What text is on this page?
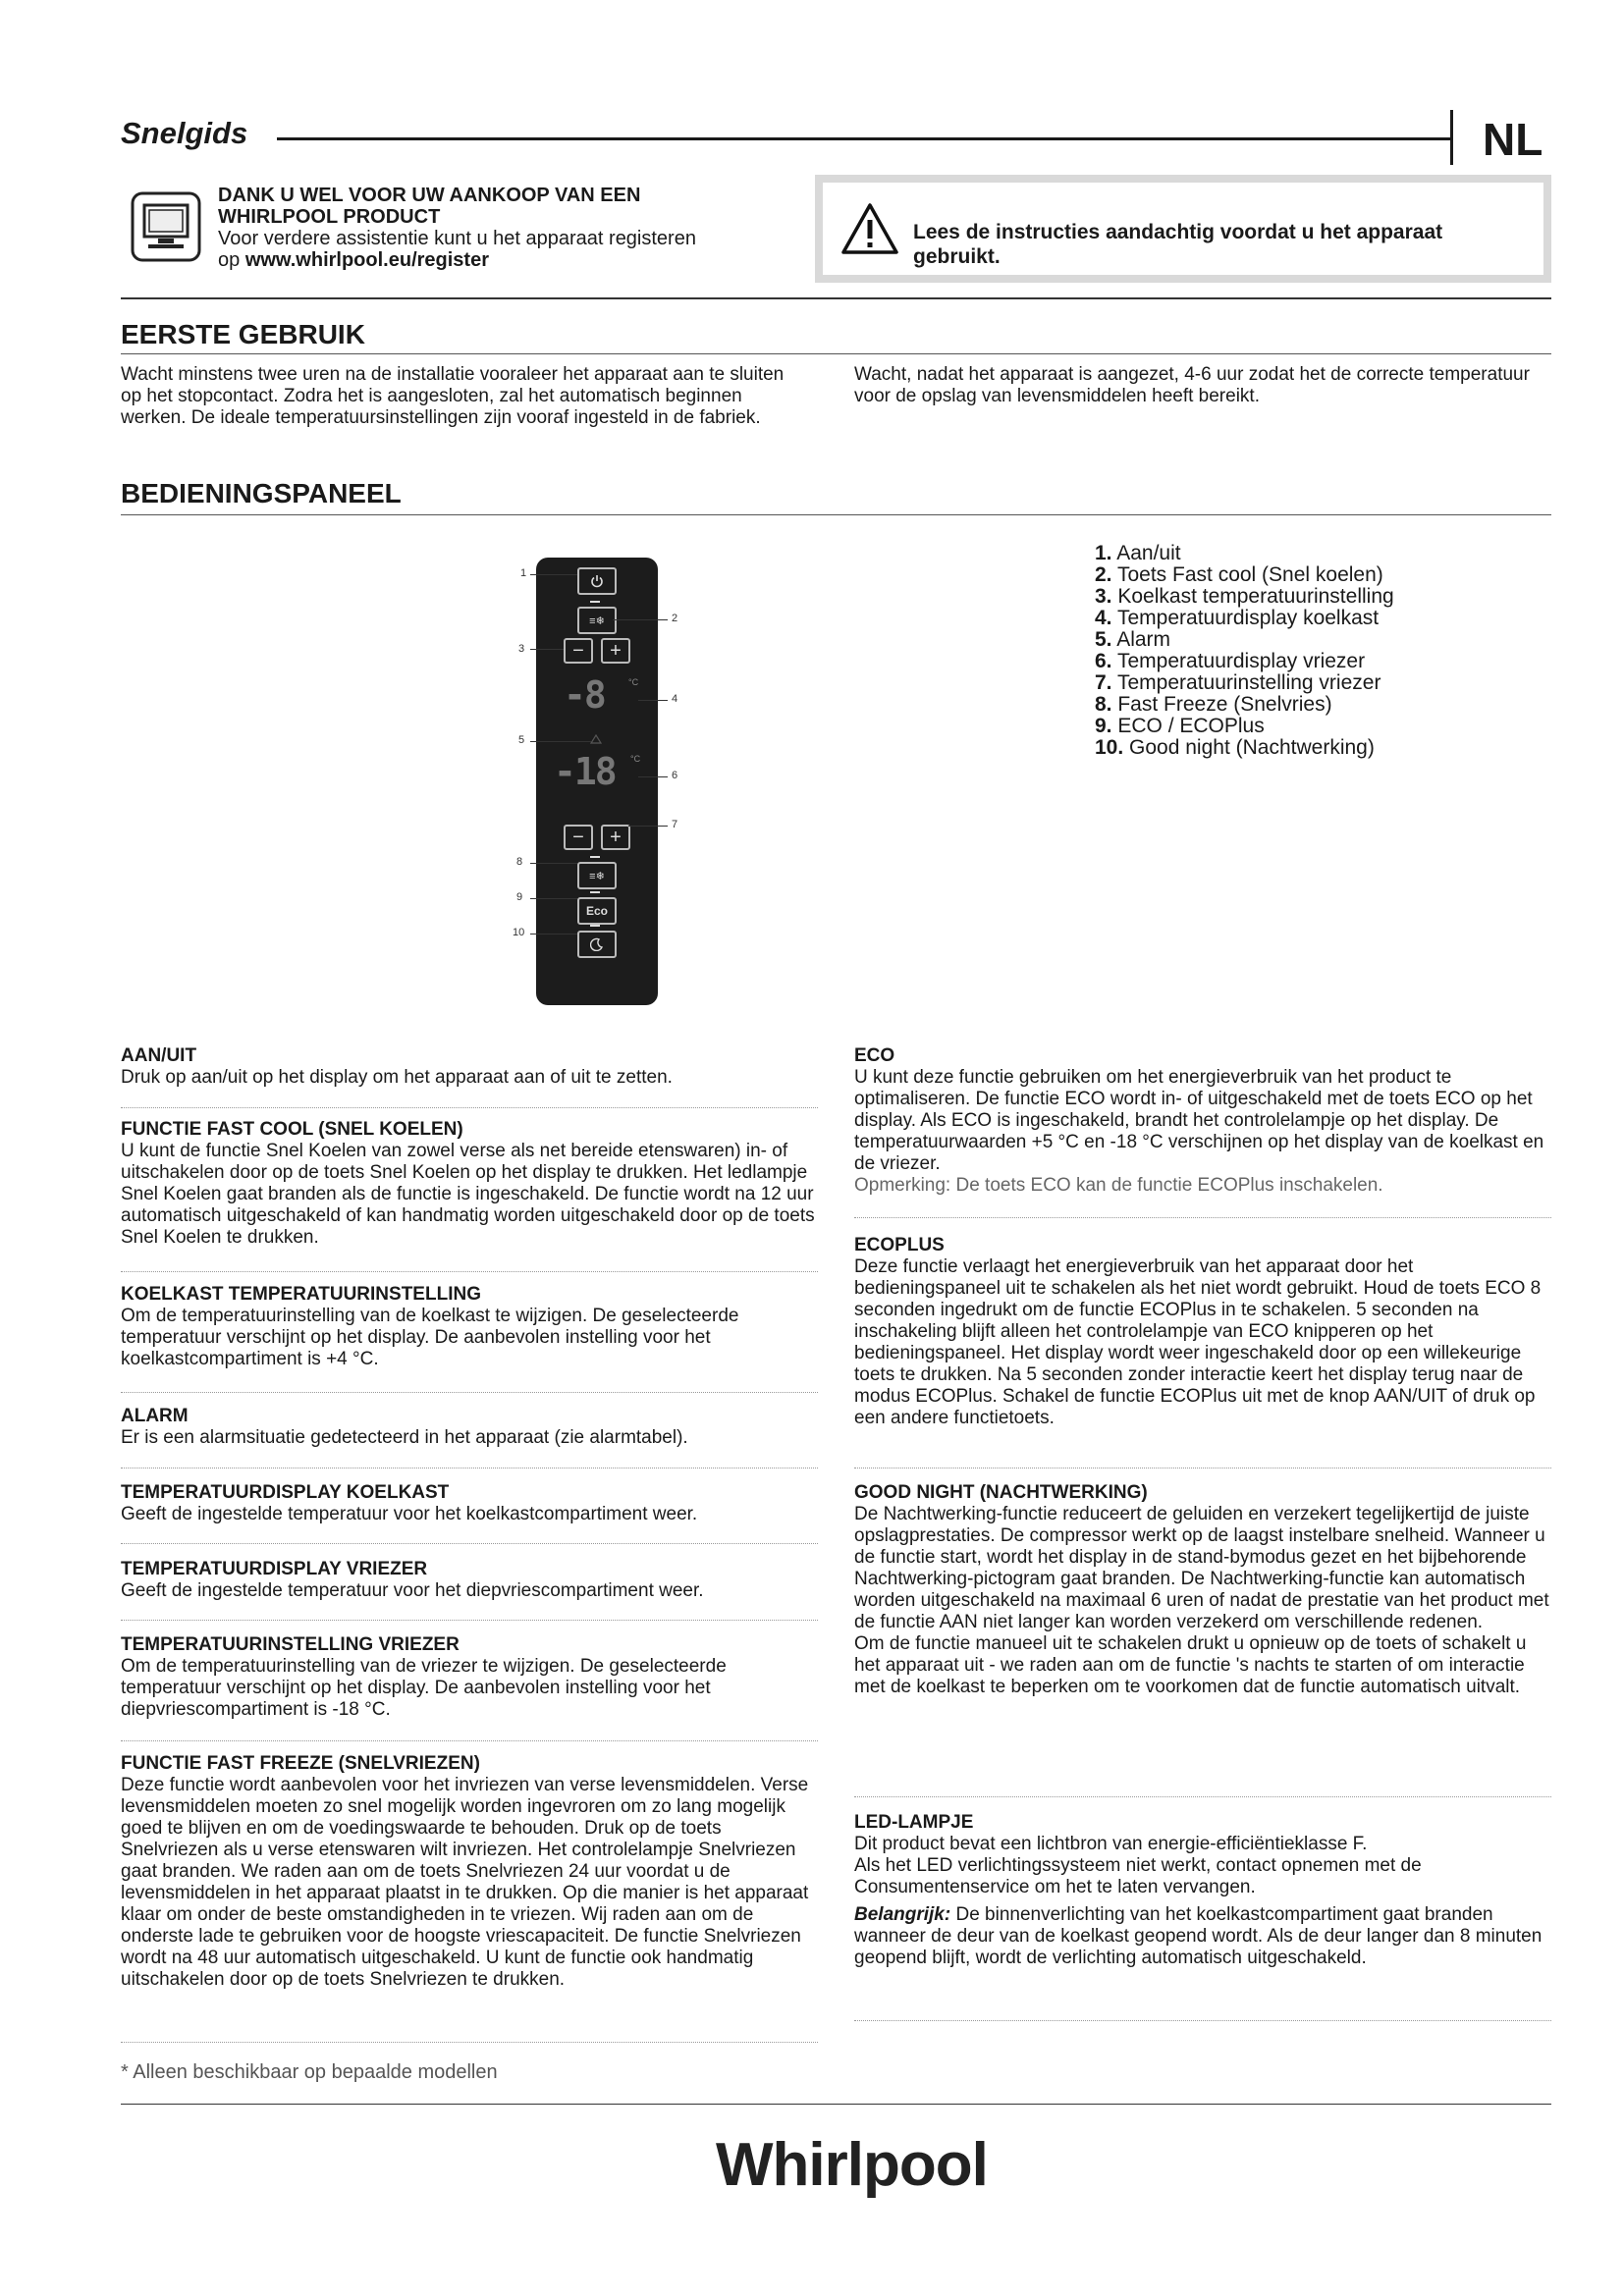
Snelgids	NL
DANK U WEL VOOR UW AANKOOP VAN EEN
WHIRLPOOL PRODUCT
Voor verdere assistentie kunt u het apparaat registeren
op www.whirlpool.eu/register
Lees de instructies aandachtig voordat u het apparaat gebruikt.
EERSTE GEBRUIK
Wacht minstens twee uren na de installatie vooraleer het apparaat aan te sluiten op het stopcontact. Zodra het is aangesloten, zal het automatisch beginnen werken. De ideale temperatuursinstellingen zijn vooraf ingesteld in de fabriek.
Wacht, nadat het apparaat is aangezet, 4-6 uur zodat het de correcte temperatuur voor de opslag van levensmiddelen heeft bereikt.
BEDIENINGSPANEEL
≡❄
−	+
-8	°C
-18 °C
−	+
≡❄
Eco
1
2
3
4
5
6
7
8
9
10
1. Aan/uit
2. Toets Fast cool (Snel koelen)
3. Koelkast temperatuurinstelling
4. Temperatuurdisplay koelkast
5. Alarm
6. Temperatuurdisplay vriezer
7. Temperatuurinstelling vriezer
8. Fast Freeze (Snelvries)
9. ECO / ECOPlus
10. Good night (Nachtwerking)
AAN/UIT

Druk op aan/uit op het display om het apparaat aan of uit te zetten.

FUNCTIE FAST COOL (SNEL KOELEN)

U kunt de functie Snel Koelen van zowel verse als net bereide etenswaren) in- of uitschakelen door op de toets Snel Koelen op het display te drukken. Het ledlampje Snel Koelen gaat branden als de functie is ingeschakeld. De functie wordt na 12 uur automatisch uitgeschakeld of kan handmatig worden uitgeschakeld door op de toets Snel Koelen te drukken.

KOELKAST TEMPERATUURINSTELLING

Om de temperatuurinstelling van de koelkast te wijzigen. De geselecteerde temperatuur verschijnt op het display. De aanbevolen instelling voor het koelkastcompartiment is +4 °C.

ALARM

Er is een alarmsituatie gedetecteerd in het apparaat (zie alarmtabel).

TEMPERATUURDISPLAY KOELKAST

Geeft de ingestelde temperatuur voor het koelkastcompartiment weer.

TEMPERATUURDISPLAY VRIEZER

Geeft de ingestelde temperatuur voor het diepvriescompartiment weer.

TEMPERATUURINSTELLING VRIEZER

Om de temperatuurinstelling van de vriezer te wijzigen. De geselecteerde temperatuur verschijnt op het display. De aanbevolen instelling voor het diepvriescompartiment is -18 °C.

FUNCTIE FAST FREEZE (SNELVRIEZEN)

Deze functie wordt aanbevolen voor het invriezen van verse levensmiddelen. Verse levensmiddelen moeten zo snel mogelijk worden ingevroren om zo lang mogelijk goed te blijven en om de voedingswaarde te behouden. Druk op de toets Snelvriezen als u verse etenswaren wilt invriezen. Het controlelampje Snelvriezen gaat branden. We raden aan om de toets Snelvriezen 24 uur voordat u de levensmiddelen in het apparaat plaatst in te drukken. Op die manier is het apparaat klaar om onder de beste omstandigheden in te vriezen. Wij raden aan om de onderste lade te gebruiken voor de hoogste vriescapaciteit. De functie Snelvriezen wordt na 48 uur automatisch uitgeschakeld. U kunt de functie ook handmatig uitschakelen door op de toets Snelvriezen te drukken.

ECO

U kunt deze functie gebruiken om het energieverbruik van het product te optimaliseren. De functie ECO wordt in- of uitgeschakeld met de toets ECO op het display. Als ECO is ingeschakeld, brandt het controlelampje op het display. De temperatuurwaarden +5 °C en -18 °C verschijnen op het display van de koelkast en de vriezer.

Opmerking: De toets ECO kan de functie ECOPlus inschakelen.

ECOPLUS

Deze functie verlaagt het energieverbruik van het apparaat door het bedieningspaneel uit te schakelen als het niet wordt gebruikt. Houd de toets ECO 8 seconden ingedrukt om de functie ECOPlus in te schakelen. 5 seconden na inschakeling blijft alleen het controlelampje van ECO knipperen op het bedieningspaneel. Het display wordt weer ingeschakeld door op een willekeurige toets te drukken. Na 5 seconden zonder interactie keert het display terug naar de modus ECOPlus. Schakel de functie ECOPlus uit met de knop AAN/UIT of druk op een andere functietoets.

GOOD NIGHT (NACHTWERKING)

De Nachtwerking-functie reduceert de geluiden en verzekert tegelijkertijd de juiste opslagprestaties. De compressor werkt op de laagst instelbare snelheid. Wanneer u de functie start, wordt het display in de stand-bymodus gezet en het bijbehorende Nachtwerking-pictogram gaat branden. De Nachtwerking-functie kan automatisch worden uitgeschakeld na maximaal 6 uren of nadat de prestatie van het product met de functie AAN niet langer kan worden verzekerd om verschillende redenen.

Om de functie manueel uit te schakelen drukt u opnieuw op de toets of schakelt u het apparaat uit - we raden aan om de functie 's nachts te starten of om interactie met de koelkast te beperken om te voorkomen dat de functie automatisch uitvalt.

LED-LAMPJE

Dit product bevat een lichtbron van energie-efficiëntieklasse F.

Als het LED verlichtingssysteem niet werkt, contact opnemen met de Consumentenservice om het te laten vervangen.

Belangrijk: De binnenverlichting van het koelkastcompartiment gaat branden wanneer de deur van de koelkast geopend wordt. Als de deur langer dan 8 minuten geopend blijft, wordt de verlichting automatisch uitgeschakeld.

* Alleen beschikbaar op bepaalde modellen
Whirlpool
